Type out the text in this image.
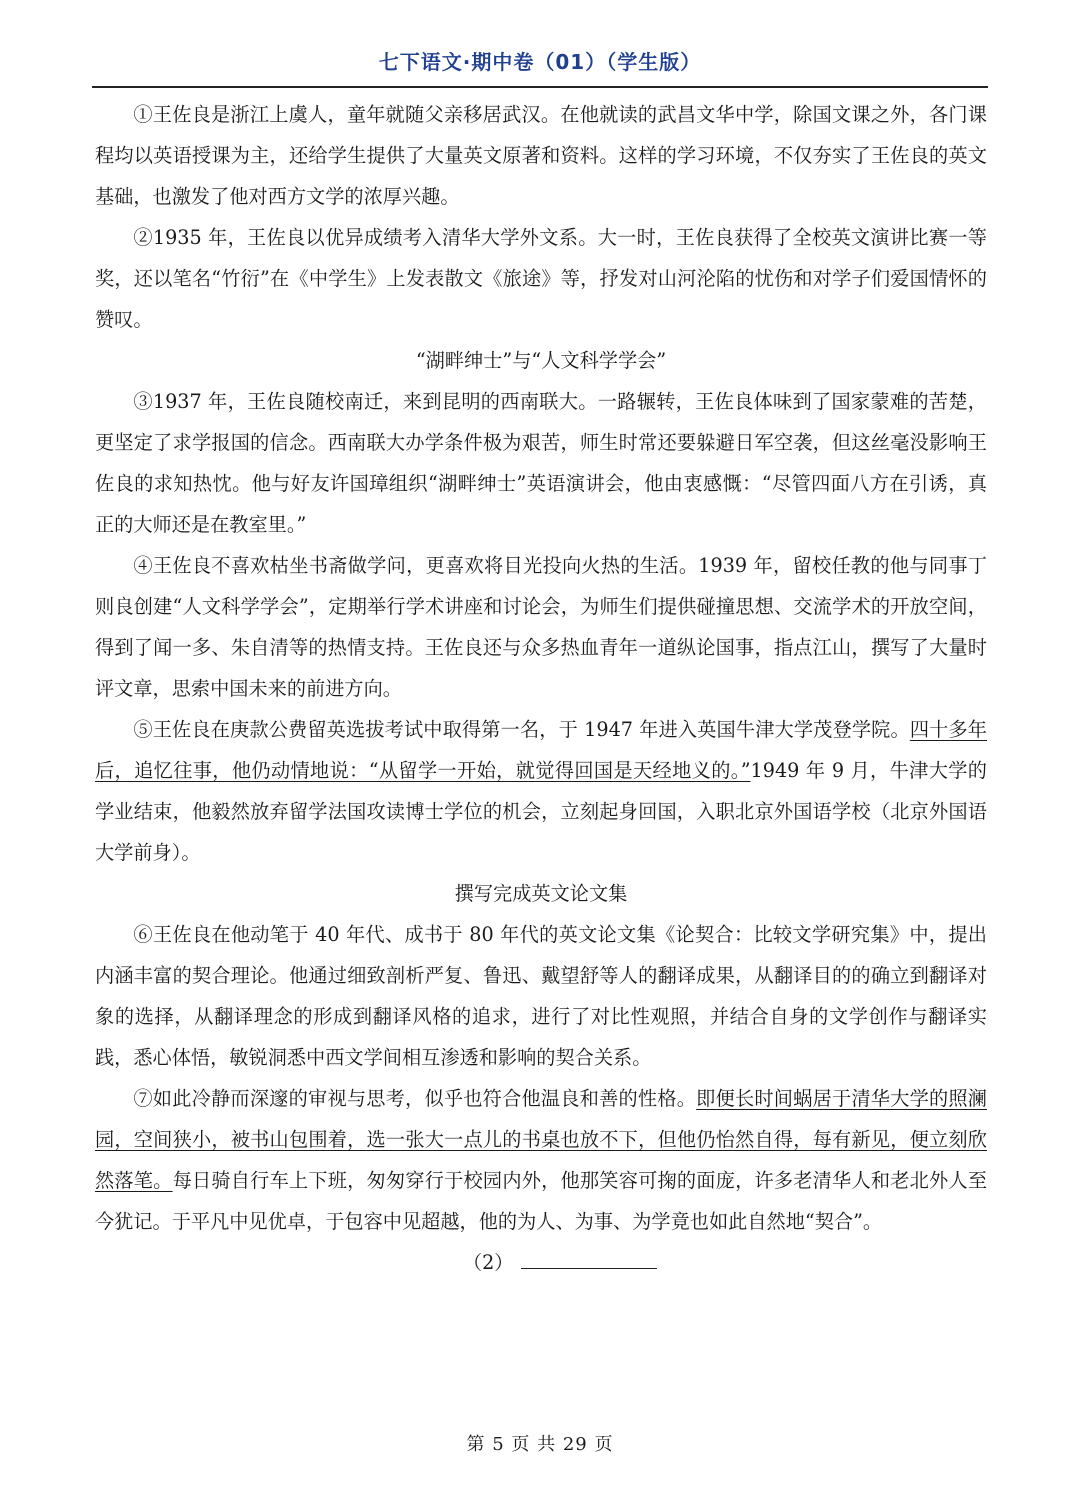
七下语文·期中卷（01）（学生版）

①王佐良是浙江上虞人，童年就随父亲移居武汉。在他就读的武昌文华中学，除国文课之外，各门课程均以英语授课为主，还给学生提供了大量英文原著和资料。这样的学习环境，不仅夯实了王佐良的英文基础，也激发了他对西方文学的浓厚兴趣。

②1935 年，王佐良以优异成绩考入清华大学外文系。大一时，王佐良获得了全校英文演讲比赛一等奖，还以笔名“竹衍”在《中学生》上发表散文《旅途》等，抒发对山河沦陷的忧伤和对学子们爱国情怀的赞叹。

“湖畔绅士”与“人文科学学会”

③1937 年，王佐良随校南迁，来到昆明的西南联大。一路辗转，王佐良体味到了国家蒙难的苦楚，更坚定了求学报国的信念。西南联大办学条件极为艰苦，师生时常还要躲避日军空袭，但这丝毫没影响王佐良的求知热忱。他与好友许国璋组织“湖畔绅士”英语演讲会，他由衷感慨：“尽管四面八方在引诱，真正的大师还是在教室里。”

④王佐良不喜欢枯坐书斋做学问，更喜欢将目光投向火热的生活。1939 年，留校任教的他与同事丁则良创建“人文科学学会”，定期举行学术讲座和讨论会，为师生们提供碰撞思想、交流学术的开放空间，得到了闻一多、朱自清等的热情支持。王佐良还与众多热血青年一道纵论国事，指点江山，撰写了大量时评文章，思索中国未来的前进方向。

⑤王佐良在庚款公费留英选拔考试中取得第一名，于 1947 年进入英国牛津大学茂登学院。四十多年后，追忆往事，他仍动情地说：“从留学一开始，就觉得回国是天经地义的。”1949 年 9 月，牛津大学的学业结束，他毅然放弃留学法国攻读博士学位的机会，立刻起身回国，入职北京外国语学校（北京外国语大学前身）。

撰写完成英文论文集

⑥王佐良在他动笔于 40 年代、成书于 80 年代的英文论文集《论契合：比较文学研究集》中，提出内涵丰富的契合理论。他通过细致剖析严复、鲁迅、戴望舒等人的翻译成果，从翻译目的的确立到翻译对象的选择，从翻译理念的形成到翻译风格的追求，进行了对比性观照，并结合自身的文学创作与翻译实践，悉心体悟，敏锐洞悉中西文学间相互渗透和影响的契合关系。

⑦如此冷静而深邃的审视与思考，似乎也符合他温良和善的性格。即便长时间蜗居于清华大学的照澜园，空间狭小，被书山包围着，选一张大一点儿的书桌也放不下，但他仍怡然自得，每有新见，便立刻欣然落笔。每日骑自行车上下班，匆匆穿行于校园内外，他那笑容可掬的面庞，许多老清华人和老北外人至今犹记。于平凡中见优卓，于包容中见超越，他的为人、为事、为学竟也如此自然地“契合”。

（2）

第 5 页 共 29 页
